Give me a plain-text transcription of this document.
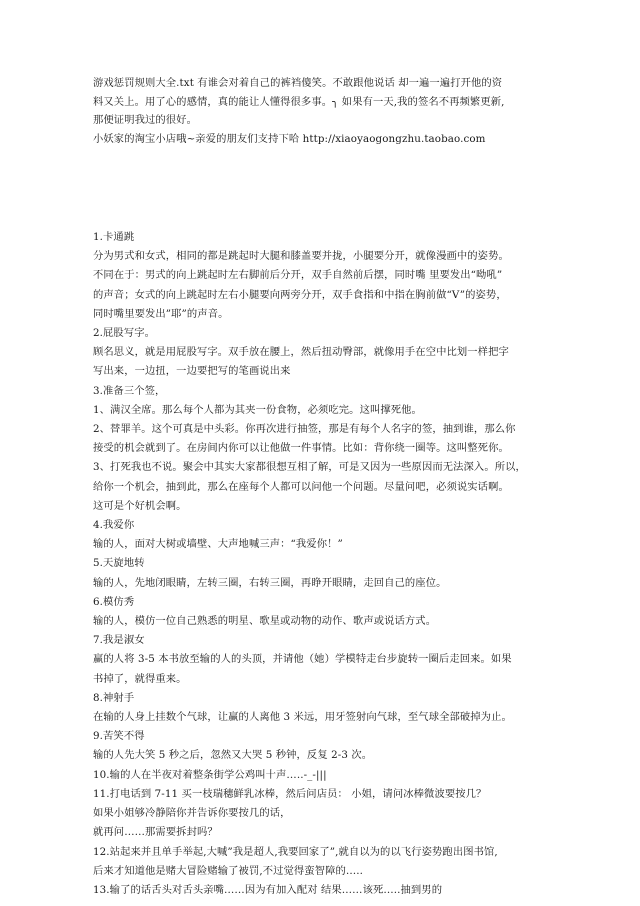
游戏惩罚规则大全.txt 有谁会对着自己的裤裆傻笑。不敢跟他说话 却一遍一遍打开他的资
料又关上。用了心的感情，真的能让人懂得很多事。╮ 如果有一天,我的签名不再频繁更新,
那便证明我过的很好。
小妖家的淘宝小店哦~亲爱的朋友们支持下哈 http://xiaoyaogongzhu.taobao.com
1.卡通跳
分为男式和女式，相同的都是跳起时大腿和膝盖要并拢，小腿要分开，就像漫画中的姿势。
不同在于：男式的向上跳起时左右脚前后分开，双手自然前后摆，同时嘴 里要发出“呦吼”
的声音；女式的向上跳起时左右小腿要向两旁分开，双手食指和中指在胸前做“V”的姿势，
同时嘴里要发出”耶”的声音。
2.屁股写字。
顾名思义，就是用屁股写字。双手放在腰上，然后扭动臀部，就像用手在空中比划一样把字
写出来，一边扭，一边要把写的笔画说出来
3.准备三个签，
1、满汉全席。那么每个人都为其夹一份食物，必须吃完。这叫撑死他。
2、替罪羊。这个可真是中头彩。你再次进行抽签，那是有每个人名字的签，抽到谁，那么你
接受的机会就到了。在房间内你可以让他做一件事情。比如：背你绕一圈等。这叫整死你。
3、打死我也不说。聚会中其实大家都很想互相了解，可是又因为一些原因而无法深入。所以，
给你一个机会，抽到此，那么在座每个人都可以问他一个问题。尽量问吧，必须说实话啊。
这可是个好机会啊。
4.我爱你
输的人，面对大树或墙壁、大声地喊三声：“我爱你！”
5.天旋地转
输的人，先地闭眼睛，左转三圈，右转三圈，再睁开眼睛，走回自己的座位。
6.模仿秀
输的人，模仿一位自己熟悉的明星、歌星或动物的动作、歌声或说话方式。
7.我是淑女
赢的人将 3-5 本书放至输的人的头顶，并请他（她）学模特走台步旋转一圈后走回来。如果
书掉了，就得重来。
8.神射手
在输的人身上挂数个气球，让赢的人离他 3 米远，用牙签射向气球，至气球全部破掉为止。
9.苦笑不得
输的人先大笑 5 秒之后，忽然又大哭 5 秒钟，反复 2-3 次。
10.输的人在半夜对着整条街学公鸡叫十声…..-_-|||
11.打电话到 7-11 买一枝瑞穗鲜乳冰棒，然后问店员： 小姐，请问冰棒微波要按几？
如果小姐够冷静陪你并告诉你要按几的话，
就再问……那需要拆封吗？
12.站起来并且单手举起,大喊”我是超人,我要回家了”,就自以为的以飞行姿势跑出图书馆,
后来才知道他是赌大冒险赌输了被罚,不过觉得蛮智障的…..
13.输了的话舌头对舌头亲嘴……因为有加入配对 结果……该死…..抽到男的
